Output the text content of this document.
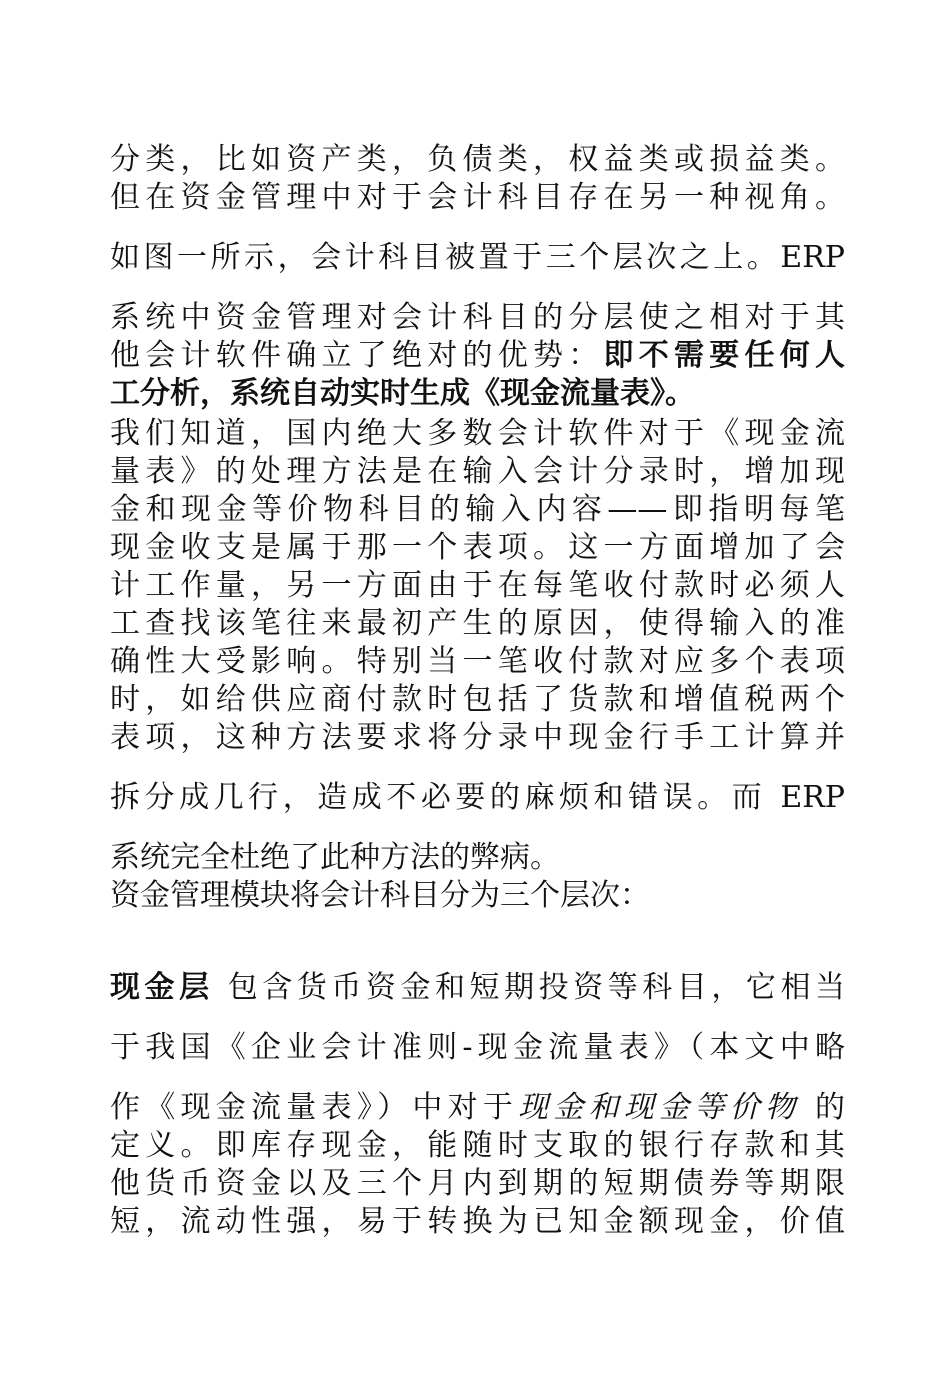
分类，比如资产类，负债类，权益类或损益类。
但在资金管理中对于会计科目存在另一种视角。
如图一所示，会计科目被置于三个层次之上。ERP
系统中资金管理对会计科目的分层使之相对于其
他会计软件确立了绝对的优势：即不需要任何人
工分析，系统自动实时生成《现金流量表》。
我们知道，国内绝大多数会计软件对于《现金流
量表》的处理方法是在输入会计分录时，增加现
金和现金等价物科目的输入内容——即指明每笔
现金收支是属于那一个表项。这一方面增加了会
计工作量，另一方面由于在每笔收付款时必须人
工查找该笔往来最初产生的原因，使得输入的准
确性大受影响。特别当一笔收付款对应多个表项
时，如给供应商付款时包括了货款和增值税两个
表项，这种方法要求将分录中现金行手工计算并
拆分成几行，造成不必要的麻烦和错误。而 ERP
系统完全杜绝了此种方法的弊病。
资金管理模块将会计科目分为三个层次：
现金层 包含货币资金和短期投资等科目，它相当
于我国《企业会计准则-现金流量表》（本文中略
作《现金流量表》）中对于现金和现金等价物 的
定义。即库存现金，能随时支取的银行存款和其
他货币资金以及三个月内到期的短期债券等期限
短，流动性强，易于转换为已知金额现金，价值
